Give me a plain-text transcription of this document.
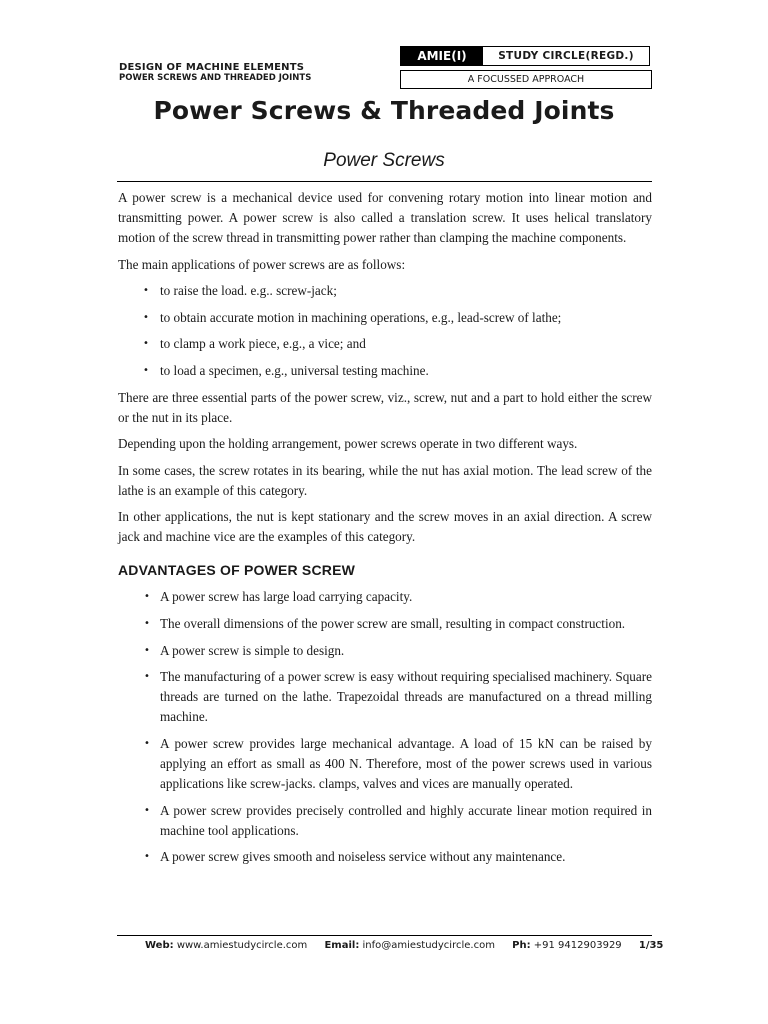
DESIGN OF MACHINE ELEMENTS
POWER SCREWS AND THREADED JOINTS
AMIE(I)	STUDY CIRCLE(REGD.)
A FOCUSSED APPROACH
Power Screws & Threaded Joints
Power Screws

A power screw is a mechanical device used for convening rotary motion into linear motion and transmitting power. A power screw is also called a translation screw. It uses helical translatory motion of the screw thread in transmitting power rather than clamping the machine components.

The main applications of power screws are as follows:

• to raise the load. e.g.. screw-jack;
• to obtain accurate motion in machining operations, e.g., lead-screw of lathe;
• to clamp a work piece, e.g., a vice; and
• to load a specimen, e.g., universal testing machine.

There are three essential parts of the power screw, viz., screw, nut and a part to hold either the screw or the nut in its place.

Depending upon the holding arrangement, power screws operate in two different ways.

In some cases, the screw rotates in its bearing, while the nut has axial motion. The lead screw of the lathe is an example of this category.

In other applications, the nut is kept stationary and the screw moves in an axial direction. A screw jack and machine vice are the examples of this category.

ADVANTAGES OF POWER SCREW
• A power screw has large load carrying capacity.
• The overall dimensions of the power screw are small, resulting in compact construction.
• A power screw is simple to design.
• The manufacturing of a power screw is easy without requiring specialised machinery. Square threads are turned on the lathe. Trapezoidal threads are manufactured on a thread milling machine.
• A power screw provides large mechanical advantage. A load of 15 kN can be raised by applying an effort as small as 400 N. Therefore, most of the power screws used in various applications like screw-jacks. clamps, valves and vices are manually operated.
• A power screw provides precisely controlled and highly accurate linear motion required in machine tool applications.
• A power screw gives smooth and noiseless service without any maintenance.
Web: www.amiestudycircle.com Email: info@amiestudycircle.com Ph: +91 9412903929 1/35
